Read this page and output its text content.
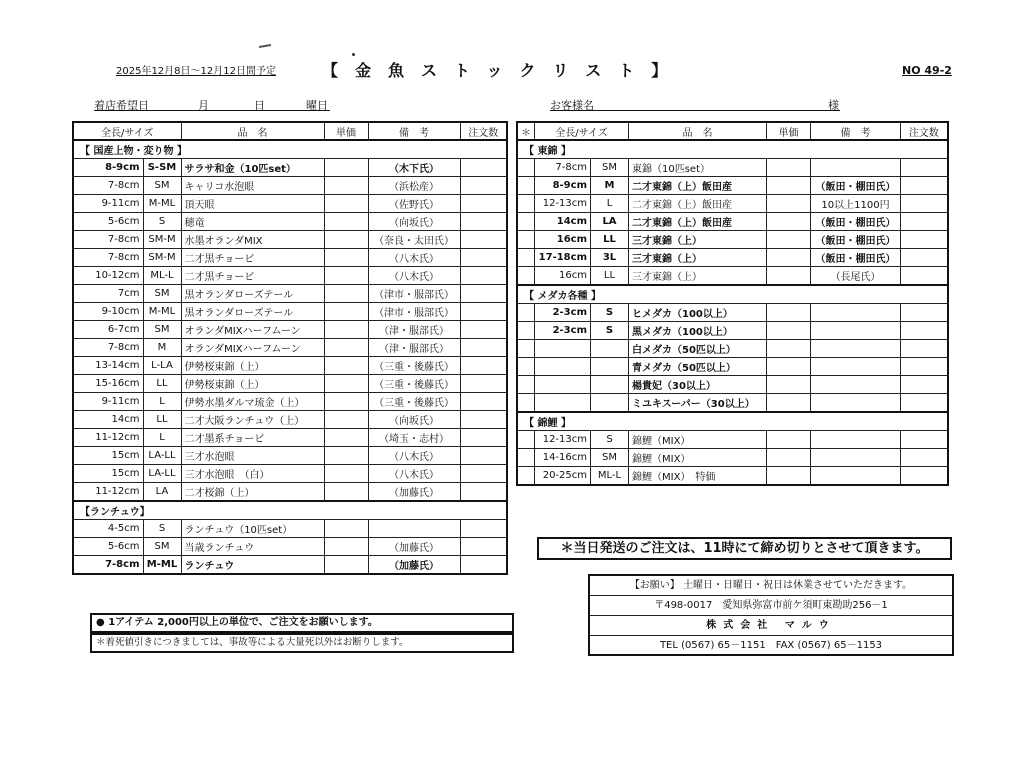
2025年12月8日～12月12日間予定	【金魚ストックリスト】	NO 49-2
着店希望日	月	日	曜日	お客様名	様
全長/サイズ		品　名	単価	備　考	注文数
【 国産上物・変り物 】					
8-9cm	S-SM	サラサ和金（10匹set）		（木下氏）	
7-8cm	SM	キャリコ水泡眼		（浜松産）	
9-11cm	M-ML	頂天眼		（佐野氏）	
5-6cm	S	穂竜		（向坂氏）	
7-8cm	SM-M	水墨オランダMIX		（奈良・太田氏）	
7-8cm	SM-M	二才黒チョービ		（八木氏）	
10-12cm	ML-L	二才黒チョービ		（八木氏）	
7cm	SM	黒オランダローズテール		（津市・服部氏）	
9-10cm	M-ML	黒オランダローズテール		（津市・服部氏）	
6-7cm	SM	オランダMIXハーフムーン		（津・服部氏）	
7-8cm	M	オランダMIXハーフムーン		（津・服部氏）	
13-14cm	L-LA	伊勢桜東錦（上）		（三重・後藤氏）	
15-16cm	LL	伊勢桜東錦（上）		（三重・後藤氏）	
9-11cm	L	伊勢水墨ダルマ琉金（上）		（三重・後藤氏）	
14cm	LL	二才大阪ランチュウ（上）		（向坂氏）	
11-12cm	L	二才墨系チョービ		（埼玉・志村）	
15cm	LA-LL	三才水泡眼		（八木氏）	
15cm	LA-LL	三才水泡眼　（白）		（八木氏）	
11-12cm	LA	二才桜錦（上）		（加藤氏）	
【ランチュウ】					
4-5cm	S	ランチュウ（10匹set）			
5-6cm	SM	当歳ランチュウ		（加藤氏）	
7-8cm	M-ML	ランチュウ		（加藤氏）	
＊	全長/サイズ		品　名	単価	備　考	注文数
【 東錦 】						
	7-8cm	SM	東錦（10匹set）			
	8-9cm	M	二才東錦（上）飯田産		（飯田・棚田氏）	
	12-13cm	L	二才東錦（上）飯田産		10以上1100円	
	14cm	LA	二才東錦（上）飯田産		（飯田・棚田氏）	
	16cm	LL	三才東錦（上）		（飯田・棚田氏）	
	17-18cm	3L	三才東錦（上）		（飯田・棚田氏）	
	16cm	LL	三才東錦（上）		（長尾氏）	
【 メダカ各種 】						
	2-3cm	S	ヒメダカ（100以上）			
	2-3cm	S	黒メダカ（100以上）			
			白メダカ（50匹以上）			
			青メダカ（50匹以上）			
			楊貴妃（30以上）			
			ミユキスーパー（30以上）			
【 錦鯉 】						
	12-13cm	S	錦鯉（MIX）			
	14-16cm	SM	錦鯉（MIX）			
	20-25cm	ML-L	錦鯉（MIX）　特価			
＊当日発送のご注文は、11時にて締め切りとさせて頂きます。
【お願い】 土曜日・日曜日・祝日は休業させていただきます。
〒498-0017　愛知県弥富市前ケ須町東勘助256－1
株式会社 マルウ
TEL (0567) 65－1151　FAX (0567) 65－1153
● 1アイテム 2,000円以上の単位で、ご注文をお願いします。
＊着死値引きにつきましては、事故等による大量死以外はお断りします。
